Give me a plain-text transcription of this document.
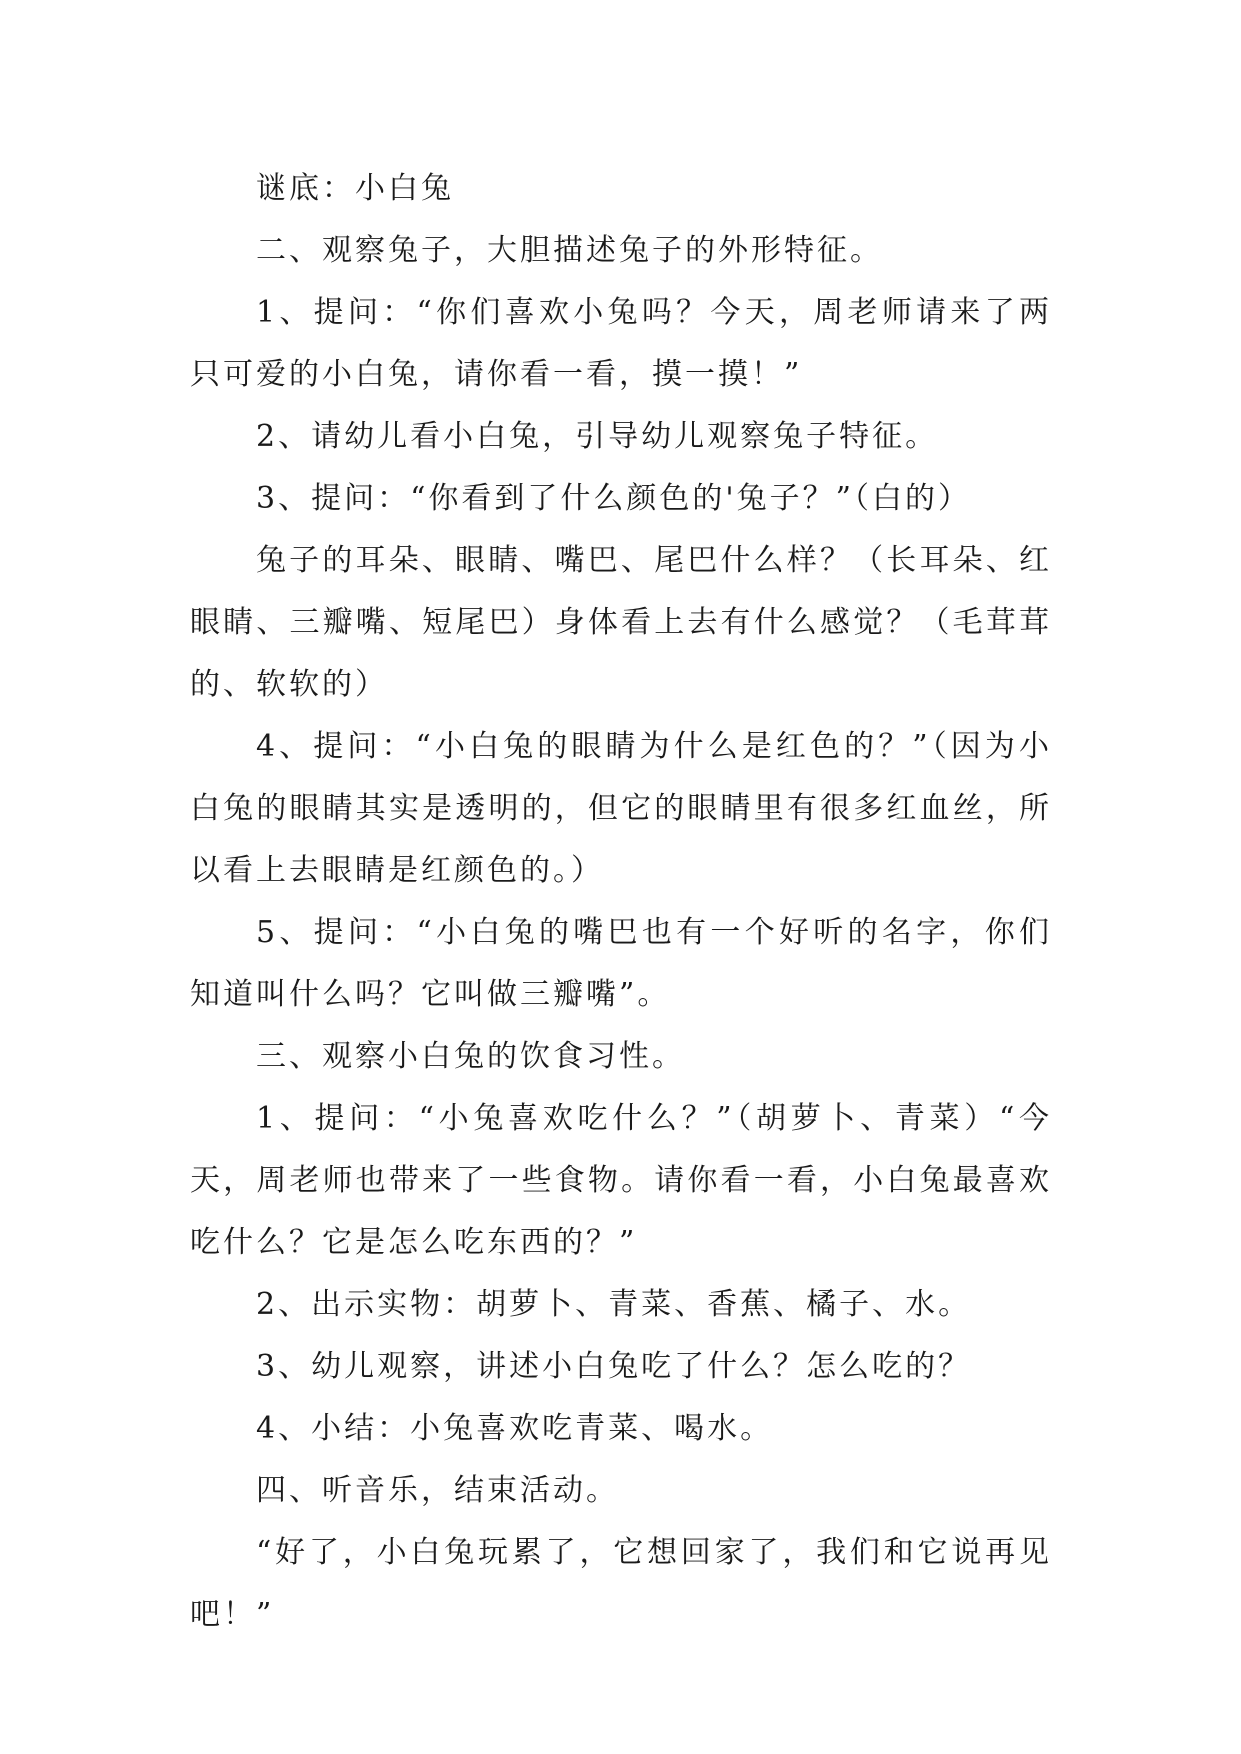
谜底：小白兔

二、观察兔子，大胆描述兔子的外形特征。

1、提问：“你们喜欢小兔吗？今天，周老师请来了两只可爱的小白兔，请你看一看，摸一摸！”

2、请幼儿看小白兔，引导幼儿观察兔子特征。

3、提问：“你看到了什么颜色的'兔子？”（白的）

兔子的耳朵、眼睛、嘴巴、尾巴什么样？（长耳朵、红眼睛、三瓣嘴、短尾巴）身体看上去有什么感觉？（毛茸茸的、软软的）

4、提问：“小白兔的眼睛为什么是红色的？”（因为小白兔的眼睛其实是透明的，但它的眼睛里有很多红血丝，所以看上去眼睛是红颜色的。）

5、提问：“小白兔的嘴巴也有一个好听的名字，你们知道叫什么吗？它叫做三瓣嘴”。

三、观察小白兔的饮食习性。

1、提问：“小兔喜欢吃什么？”（胡萝卜、青菜）“今天，周老师也带来了一些食物。请你看一看，小白兔最喜欢吃什么？它是怎么吃东西的？”

2、出示实物：胡萝卜、青菜、香蕉、橘子、水。

3、幼儿观察，讲述小白兔吃了什么？怎么吃的？

4、小结：小兔喜欢吃青菜、喝水。

四、听音乐，结束活动。

“好了，小白兔玩累了，它想回家了，我们和它说再见吧！”
